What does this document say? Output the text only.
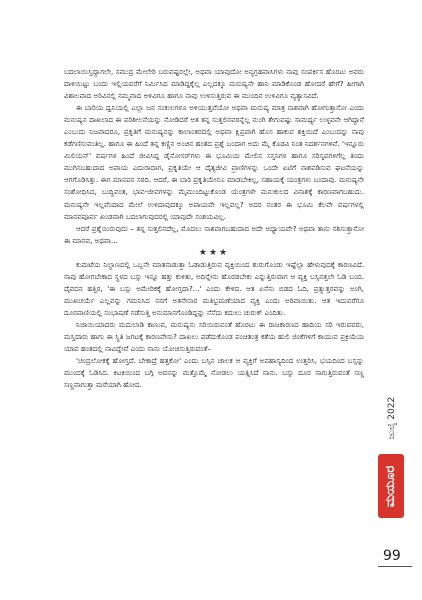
ಬದಲಾಯಿಸ್ತಿದ್ದಾಗಲೇ, ಸಮುದ್ರ ಮೇಲೇರಿ ಬರುವಷ್ಟರಲ್ಲೇ, ಅಥವಾ ಯಾವುದೋ ಅನ್ಯಗ್ರಹವಾಸಿಗಳು ನಾವು ಸಂಪರ್ಕಿಸ ಹೊರಟು ಅವರು ದಾಳಿಯಿಟ್ಟು ಬಂದು ಇಲ್ಲಿಯವರೆಗೆ ನಿರ್ಮಿಸಿದ ಮಾಡಿದ್ದಕ್ಕೆಲ್ಲ ಎಲ್ಲದಕ್ಕೂ ಮನುಷ್ಯನೇ ಹಾನಿ ಮಾಡಿಕೊಂಡ ಹೋದರೆ ಹೇಗೆ? ಹೀಗಾಗಿ ವಿಶಾಲವಾದ ಅರಿವಿನಲ್ಲಿ ನಮ್ಮವಾದ ಅಳಿವಿಗೂ ಹಾಗೂ ನಾವು ಉಳಿಸುತ್ತಿರುವ ಈ ಮುಂದಿನ ಉಳಿವಿಗೂ ವ್ಯತ್ಯಾಸವಿದೆ.

ಈ ಬಾರಿಯ ಧ್ವನಿಯಲ್ಲಿ ಎಲ್ಲಾ ಜನ ಸಂಕುಲಗಳೂ ಅಳಿಯುತ್ತವೆಯೋ ಅಥವಾ ಮನುಷ್ಯ ಮಾತ್ರ ನಾಶವಾಗಿ ಹೋಗುತ್ತಾನೋ ಎಂದು ಮನುಷ್ಯನ ದಾಖಲಾದ ಈ ಪರಿಶೀಲನೆಯನ್ನು ನೋಡಿದರೆ ಆತ ತನ್ನ ಸುತ್ತಲಿನವರನ್ನೆಲ್ಲ ನುಂಗಿ ತೇಗುವಷ್ಟು ಸಾಮರ್ಥ್ಯ ಉಳ್ಳವನೇ ಆಗಿದ್ದಾನೆ ಎಂಬುದು ನಿಜವಾದರೂ, ಪ್ರಕೃತಿಗೆ ಮನುಷ್ಯನನ್ನು ಕಾಲಾಂತರದಲ್ಲಿ ಅಥವಾ ಕ್ಷಿಪ್ರವಾಗಿ ಹೊಸ ಹಾಕುವ ಶಕ್ತಿಯಿದೆ ಎಂಬುದನ್ನು ನಾವು ಕಡೆಗಣಿಸುವಂತಿಲ್ಲ. ಹಾಗೂ ಈ ಹಿಂದೆ ತನ್ನ ಕಣ್ಣಿನ ಅಂಚಿನ ಹಂತದ ಪ್ರಶ್ನೆ ಬಂದಾಗ ಅದು ಮೈ ಕೊಡವಿ ನಿಂತ ನಿದರ್ಶನಗಳಿವೆ. 'ಇನ್ನೂರು ಮಿಲಿಯನ್' ವರ್ಷಗಳ ಹಿಂದೆ ಜೀವಿಸಿದ್ದ ಡೈನೋಸರ್‌ಗಳು ಈ ಭೂಮಿಯ ಮೇಲಿನ ಸಸ್ತನಿಗಳ ಹಾಗೂ ಸರಿಸೃಪಗಳಿಗೆಲ್ಲ ತಿಂದು ಮುಗಿಸಬಹುದಾದ ಅಪಾಯ ಎದುರಾದಾಗ, ಪ್ರಕೃತಿಯೇ ಆ ದೈತ್ಯಜೀವಿ ಪ್ರಾಣಿಗಳನ್ನು ಒಂದೇ ಏಟಿಗೆ ನಾಶಪಡಿಸುವ ಘಟನೆಯನ್ನು ಆಗಗೊಡಿಸಿತ್ತು. ಈಗ ಮಾನವನ ಸರದಿ. ಆದರೆ, ಈ ಬಾರಿ ಪ್ರಕೃತಿಯೇನೂ ಮಾಡಬೇಕಿಲ್ಲ, ಸಹಾಯಕ್ಕೆ ಯಂತ್ರಗಳು ಬಂದಾವು. ಮನುಷ್ಯನೇ ಸಂಶೋಧಿಸಿದ, ಬುದ್ಧಿವಂತ, ಭಾವ-ಜೀವಗಳನ್ನು ಮೈಮುಂದಿಟ್ಟುಕೊಂಡ ಯಂತ್ರಗಳೇ ಮನುಕುಲದ ವಿನಾಶಕ್ಕೆ ಕಾರಣವಾಗಬಹುದು. ಮನುಷ್ಯನೇ ಇಲ್ಲವೆಂದಾದ ಮೇಲೆ ಉಳಿದಾವುದಕ್ಕೂ ಅಪಾಯವೇ ಇಲ್ಲವಲ್ಲ? ಅದರ ನಂತರ ಈ ಭೂಮಿ ಕೆಲವೇ ವರ್ಷಗಳಲ್ಲಿ ಮಾನವಪೂರ್ವ ಖಂಡವಾಗಿ ಬದಲಾಗುವುದರಲ್ಲಿ ಯಾವುದೇ ಸಂಶಯವಿಲ್ಲ.

ಆದರೆ ಪ್ರಶ್ನೆಯಿರುವುದು – ತನ್ನ ಸುತ್ತಲಿನದೆಲ್ಲ, ಮೊದಲು ನಾಶವಾಗಬಹುದಾದ ಅದೇ ಅಧ್ಯಾಯವೇ? ಅಥವಾ ತಾನು ನಶಿಸುತ್ತಾನೋ ಈ ಮಾನವ, ಅಥವಾ...

★★★

ಕುಮಟೆಯ ನಿಲ್ದಾಣದಲ್ಲಿ ಒಬ್ಬನೇ ಮಾತನಾಡುತ್ತಾ ಓಡಾಡುತ್ತಿರುವ ವ್ಯಕ್ತಿಯಿಂದ ಶುರುಗೊಂಡು ಇಷ್ಟೆಲ್ಲಾ ಹೇಳುವುದಕ್ಕೆ ಕಾರಣವಿದೆ. ನಾವು ಹೋಗಬೇಕಾದ ಸ್ಥಳದ ಬಸ್ಸು ಇನ್ನೂ ಹತ್ತು ಕುಳಿತು, ಅದಿನ್ನೇನು ಹೊರಡಬೇಕು ಎನ್ನುತ್ತಿರುವಾಗ ಆ ವ್ಯಕ್ತಿ ಬಸ್ಸಿನತ್ತಲೇ ಓಡಿ ಬಂದ. ದೈವದನ ಹತ್ತಿರ, 'ಈ ಬಸ್ಸು ಅಮೇರಿಕಕ್ಕೆ ಹೋಗ್ತದಾ?...' ಎಂದು ಕೇಳಿದ. ಆತ ಏನೆನು ಬಿಡದ ಓದಿ, ಪ್ರತ್ಯುತ್ತರವನ್ನು ಅಂಗಿ, ಮುಖಚರ್ಯೆ ಎಲ್ಲವನ್ನು ಗಮನಿಸಿದ ನನಗೆ ಅತನೇನಾರ ಮತಿಭ್ರಮಣೆಯಾದ ವ್ಯಕ್ತಿ ಎಂದು ಅರಿವಾಯಿತು. ಆತ ಇದುವರೆಗೂ ದೂರವಾಣಿಯಲ್ಲಿ ಸಂಭಾಷಣೆ ನಡೆಸುತ್ತಿ ಅನುಮಾನಗೊಂಡಿದ್ದನ್ನು ನೆನೆದು ಕದುಲು ಚುರುಕ್ ಎಂದಿತು.

ನಿಜಾಯಿಯಾದರು ಮದುಲಾಡಿ ಕಾಣುವ, ಮನುಷ್ಯನು ಸರಿಯಿರುವಂತೆ ಹೊರಟು ಈ ರಾಜಕಾರಣದ ಹಾದಿಯ ಸರಿ ಇರುವವರು, ಮಸ್ತಿದಾರು ಹಾಗು ಈ ಸ್ಥಿತಿ ಜಗಟಕ್ಕೆ ಕಾರಣವೇನು? ದಾಖಲು ಪಡೆದುಕೊಂಡ ಪಂಚಿತಂತ್ರ ಕತೆಯ ಹುಲಿ ಜಿಂಕೆಗಳಿಗೆ ಕಾಯುವ ಪ್ರಕ್ರಿಯೆಯ ಯಾವ ಹಂತದಲ್ಲಿ ನಾವಿದ್ದೇವೆ ಎಂದು ನಾನು ಯೋಚಿಸುತ್ತಿರುವಂತೆ–

'ಚಂದ್ರಲೋಕಕ್ಕೆ ಹೋಗ್ತದೆ. ಬೇಕಾದ್ರೆ ಹತ್ತಕೋ' ಎಂದು ಬಸ್ಸಿನ ಚಾಲಕ ಆ ವ್ಯಕ್ತಿಗೆ ಅಪಹಾಸ್ಯದಿಂದ ಉತ್ತರಿಸಿ, ಭಯದಿಂದ ಬಸ್ಸನ್ನು ಮುಂದಕ್ಕೆ ಓಡಿಸಿದ. ಕಿಟಕಿಯಿಂದ ಬಗ್ಗಿ ಅವನನ್ನು ಮತ್ತೊಮ್ಮೆ ನೋಡಲು ಯತ್ನಿಸಿದೆ ನಾನು. ಬಸ್ಸು ದೂರ ಸಾಗುತ್ತಿರುವಂತೆ ಸಣ್ಣ ಸಣ್ಣವಾಗುತ್ತಾ ಮರೆಯಾಗಿ ಹೋದ.

ಜುಲೈ 2022
ಮಯೂರ
99
